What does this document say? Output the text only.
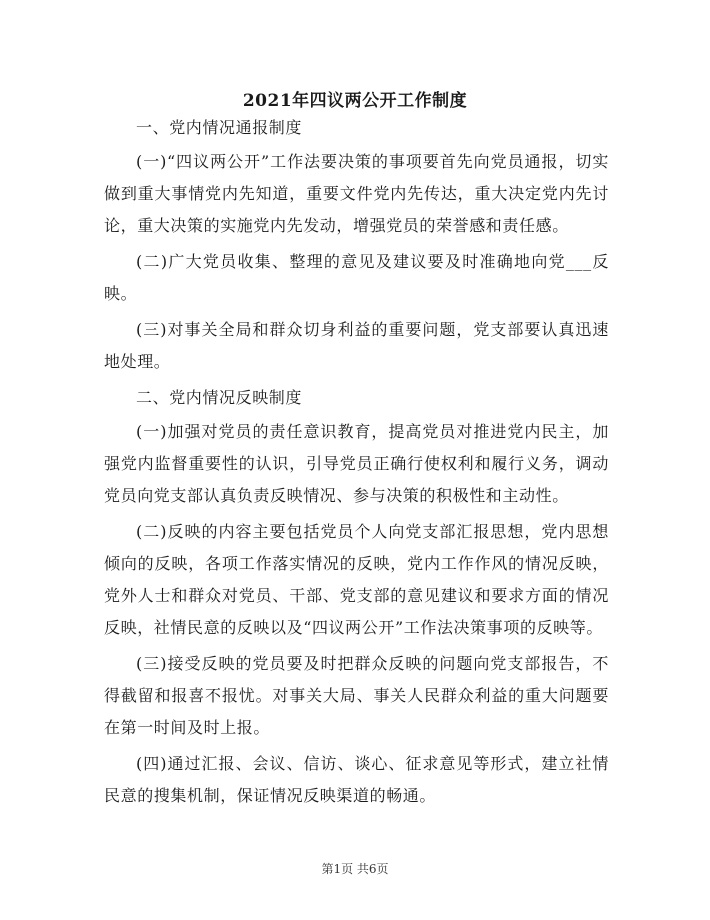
2021年四议两公开工作制度

一、党内情况通报制度

(一)“四议两公开”工作法要决策的事项要首先向党员通报，切实做到重大事情党内先知道，重要文件党内先传达，重大决定党内先讨论，重大决策的实施党内先发动，增强党员的荣誉感和责任感。

(二)广大党员收集、整理的意见及建议要及时准确地向党___反映。

(三)对事关全局和群众切身利益的重要问题，党支部要认真迅速地处理。

二、党内情况反映制度

(一)加强对党员的责任意识教育，提高党员对推进党内民主，加强党内监督重要性的认识，引导党员正确行使权利和履行义务，调动党员向党支部认真负责反映情况、参与决策的积极性和主动性。

(二)反映的内容主要包括党员个人向党支部汇报思想，党内思想倾向的反映，各项工作落实情况的反映，党内工作作风的情况反映，党外人士和群众对党员、干部、党支部的意见建议和要求方面的情况反映，社情民意的反映以及“四议两公开”工作法决策事项的反映等。

(三)接受反映的党员要及时把群众反映的问题向党支部报告，不得截留和报喜不报忧。对事关大局、事关人民群众利益的重大问题要在第一时间及时上报。

(四)通过汇报、会议、信访、谈心、征求意见等形式，建立社情民意的搜集机制，保证情况反映渠道的畅通。

第1页 共6页
